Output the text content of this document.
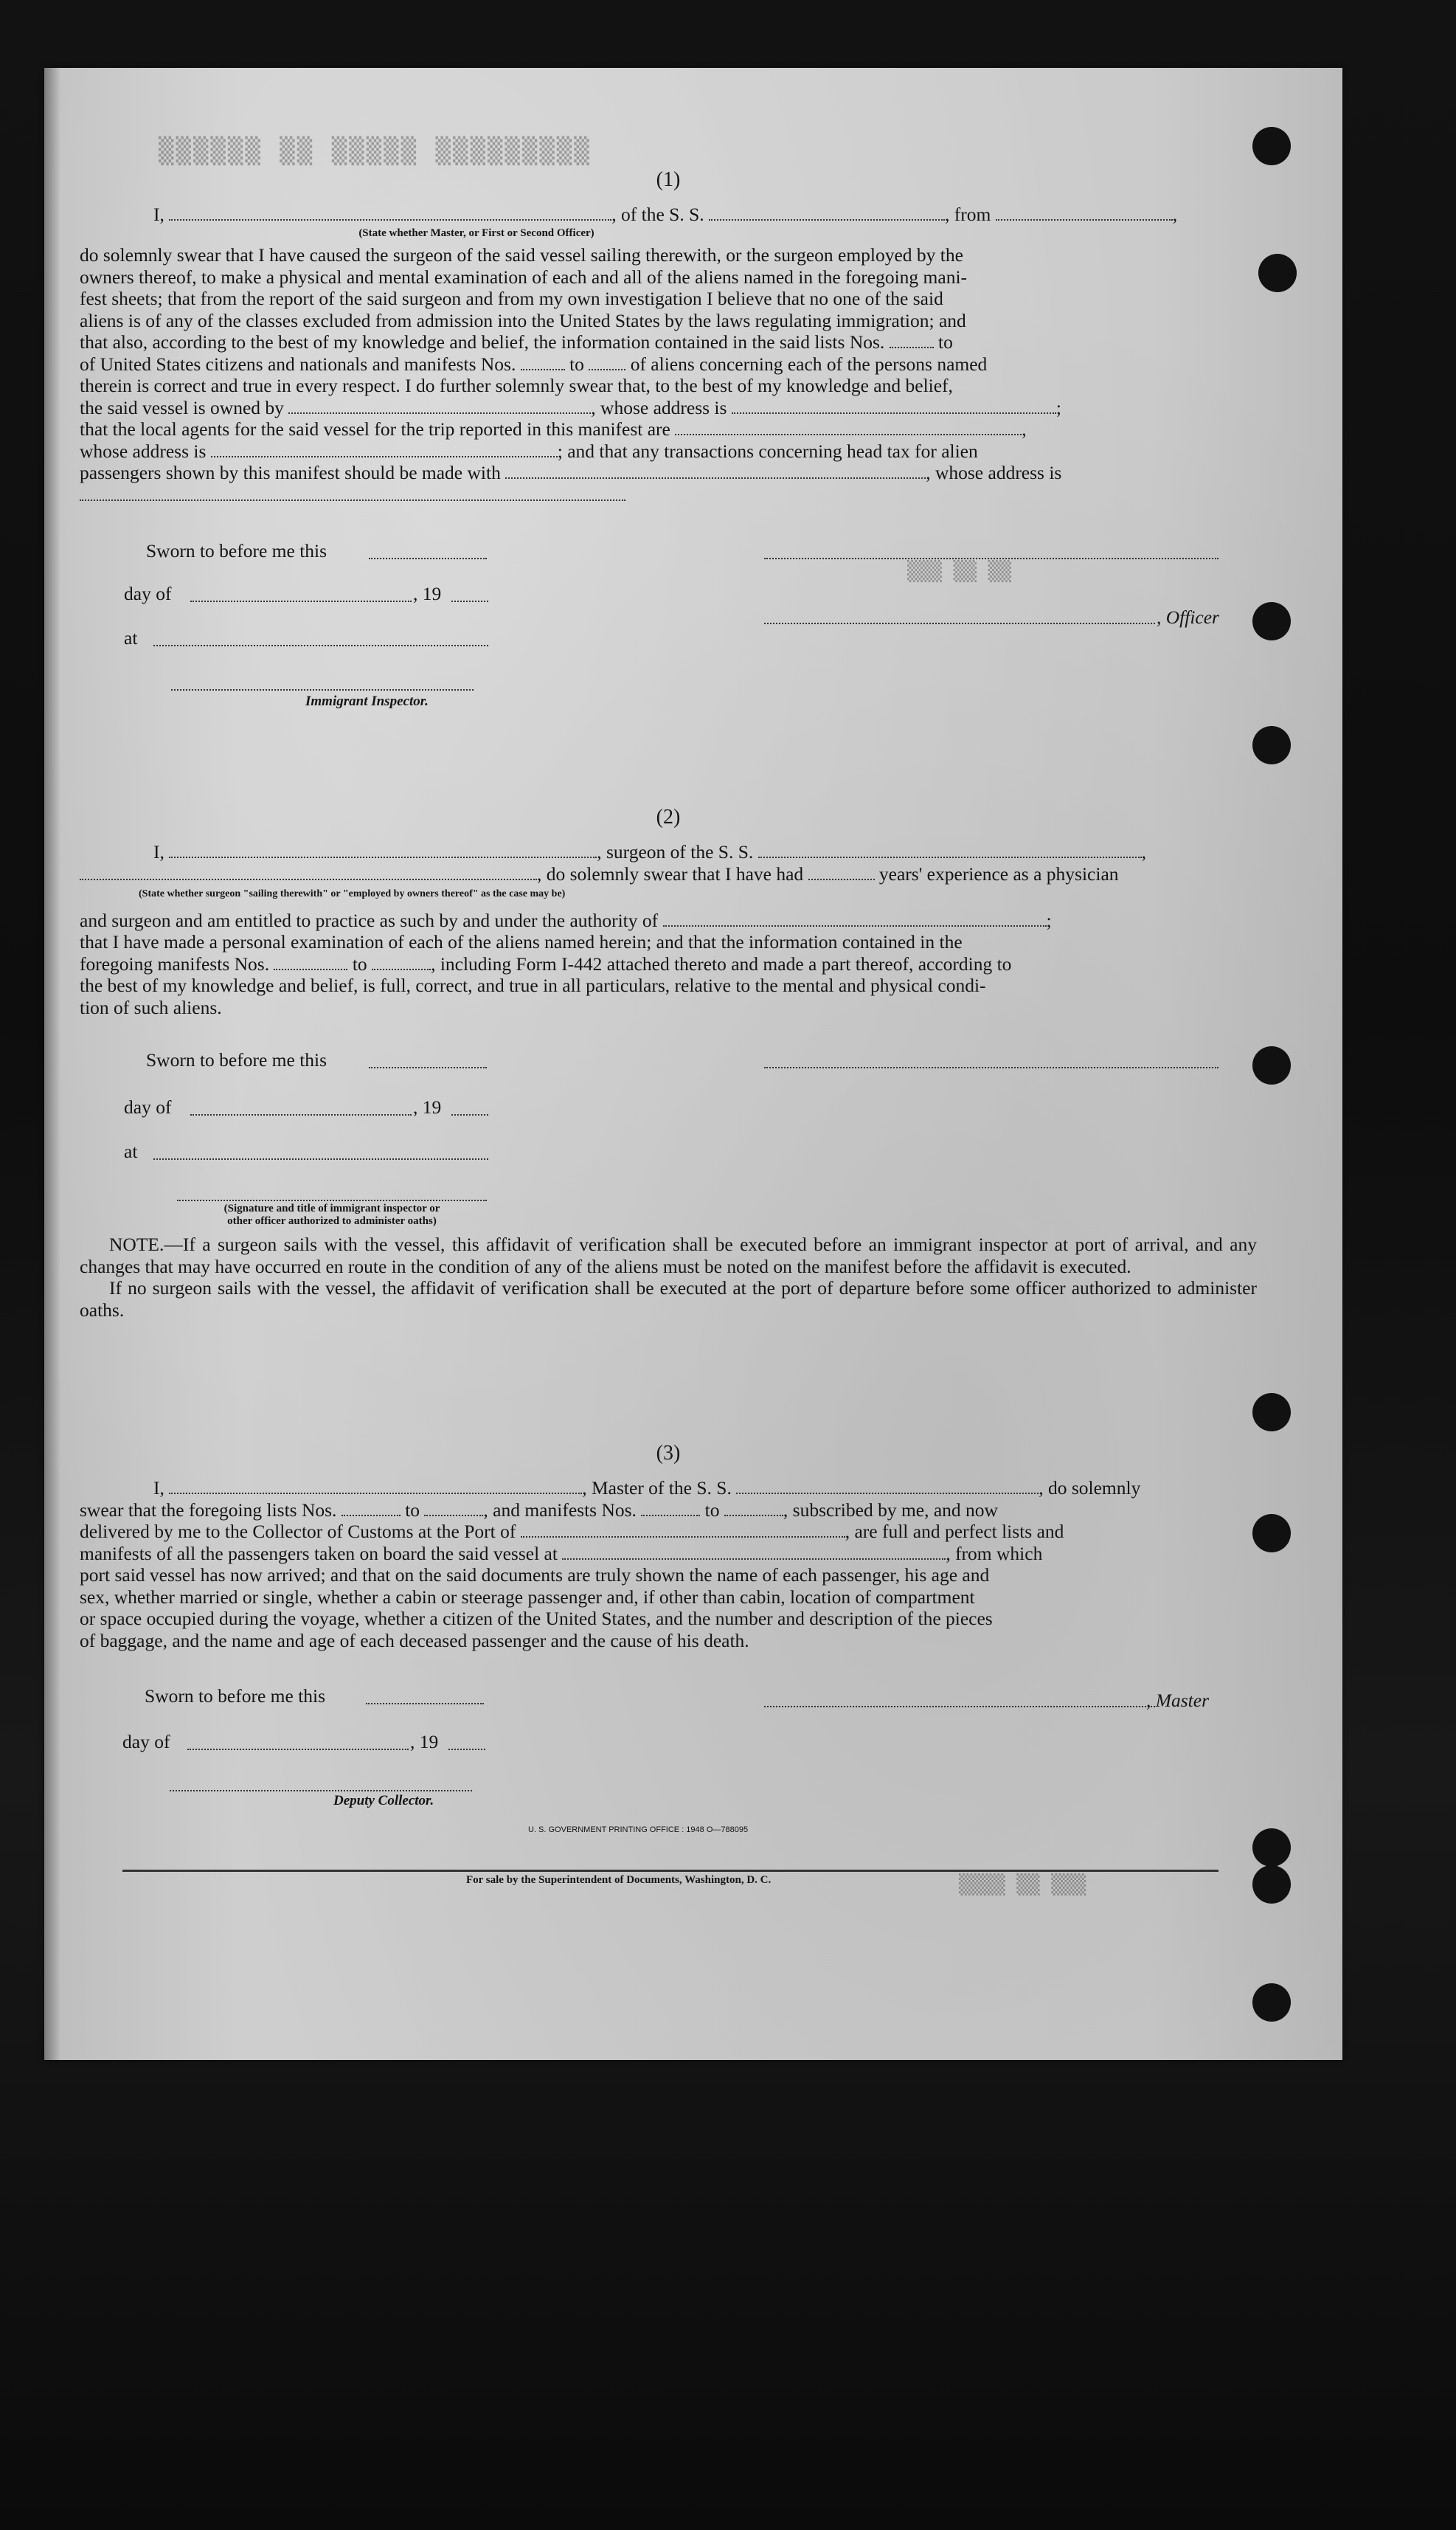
▒▒▒▒▒▒ ▒▒ ▒▒▒▒▒ ▒▒▒▒▒▒▒▒▒
▒▒▒ ▒▒ ▒▒
▒▒▒▒ ▒▒ ▒▒▒
(1)
I,	, of the S. S.	, from	,
(State whether Master, or First or Second Officer)
do solemnly swear that I have caused the surgeon of the said vessel sailing therewith, or the surgeon employed by the
owners thereof, to make a physical and mental examination of each and all of the aliens named in the foregoing mani-
fest sheets; that from the report of the said surgeon and from my own investigation I believe that no one of the said
aliens is of any of the classes excluded from admission into the United States by the laws regulating immigration; and
that also, according to the best of my knowledge and belief, the information contained in the said lists Nos.	to
of United States citizens and nationals and manifests Nos.	to of aliens concerning each of the persons named
therein is correct and true in every respect. I do further solemnly swear that, to the best of my knowledge and belief,
the said vessel is owned by	, whose address is	;
that the local agents for the said vessel for the trip reported in this manifest are	,
whose address is	; and that any transactions concerning head tax for alien
passengers shown by this manifest should be made with	, whose address is
Sworn to before me this
day of	, 19
, Officer
at
Immigrant Inspector.
(2)
I,	, surgeon of the S. S.	,
, do solemnly swear that I have had	years' experience as a physician
(State whether surgeon "sailing therewith" or "employed by owners thereof" as the case may be)
and surgeon and am entitled to practice as such by and under the authority of	;
that I have made a personal examination of each of the aliens named herein; and that the information contained in the
foregoing manifests Nos.	to	, including Form I-442 attached thereto and made a part thereof, according to
the best of my knowledge and belief, is full, correct, and true in all particulars, relative to the mental and physical condi-
tion of such aliens.
Sworn to before me this
day of	, 19
at
(Signature and title of immigrant inspector or
other officer authorized to administer oaths)
NOTE.—If a surgeon sails with the vessel, this affidavit of verification shall be executed before an immigrant inspector at port of arrival, and any changes that may have occurred en route in the condition of any of the aliens must be noted on the manifest before the affidavit is executed.
If no surgeon sails with the vessel, the affidavit of verification shall be executed at the port of departure before some officer authorized to administer oaths.
(3)
I,	, Master of the S. S.	, do solemnly
swear that the foregoing lists Nos.	to	, and manifests Nos.	to	, subscribed by me, and now
delivered by me to the Collector of Customs at the Port of	, are full and perfect lists and
manifests of all the passengers taken on board the said vessel at	, from which
port said vessel has now arrived; and that on the said documents are truly shown the name of each passenger, his age and
sex, whether married or single, whether a cabin or steerage passenger and, if other than cabin, location of compartment
or space occupied during the voyage, whether a citizen of the United States, and the number and description of the pieces
of baggage, and the name and age of each deceased passenger and the cause of his death.
Sworn to before me this	, Master
day of	, 19
Deputy Collector.
U. S. GOVERNMENT PRINTING OFFICE : 1948 O—788095
For sale by the Superintendent of Documents, Washington, D. C.
